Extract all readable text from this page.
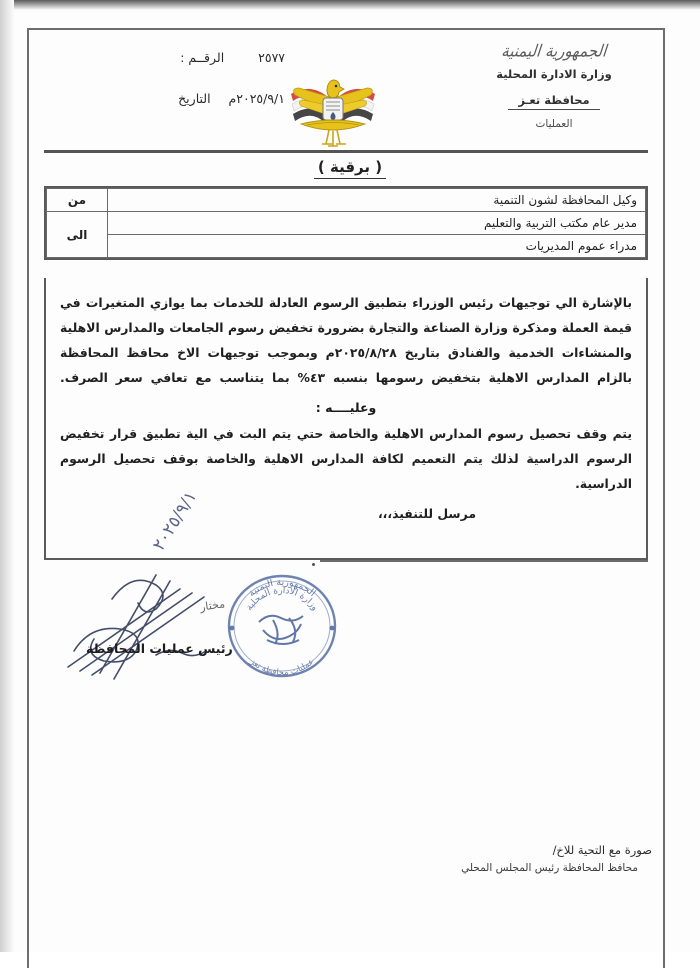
٢٥٧٧  الرقــم :
٢٠٢٥/٩/١م  التاريخ
الجمهورية اليمنية
وزارة الادارة المحلية
محافظة تعـز
العمليات
( برقية )
وكيل المحافظة لشون التنمية	من

مدير عام مكتب التربية والتعليم	الى

مدراء عموم المديريات	

بالإشارة الي توجيهات رئيس الوزراء بتطبيق الرسوم العادلة للخدمات بما يوازي المتغيرات في قيمة العملة ومذكرة وزارة الصناعة والتجارة بضرورة تخفيض رسوم الجامعات والمدارس الاهلية والمنشاءات الخدمية والفنادق بتاريخ ٢٠٢٥/٨/٢٨م وبموجب توجيهات الاخ محافظ المحافظة بالزام المدارس الاهلية بتخفيض رسومها بنسبه ٤٣% بما يتناسب مع تعافي سعر الصرف.

وعليــــه :

يتم وقف تحصيل رسوم المدارس الاهلية والخاصة حتي يتم البت في الية تطبيق قرار تخفيض الرسوم الدراسية لذلك يتم التعميم لكافة المدارس الاهلية والخاصة بوقف تحصيل الرسوم الدراسية.

مرسل للتنفيذ،،،
٢٠٢٥/٩/١
مختار
رئيس عمليات المحافظة
الجمهورية اليمنية
وزارة الادارة المحلية
عمليات محافظة تعز
صورة مع التحية للاخ/
محافظ المحافظة رئيس المجلس المحلي
